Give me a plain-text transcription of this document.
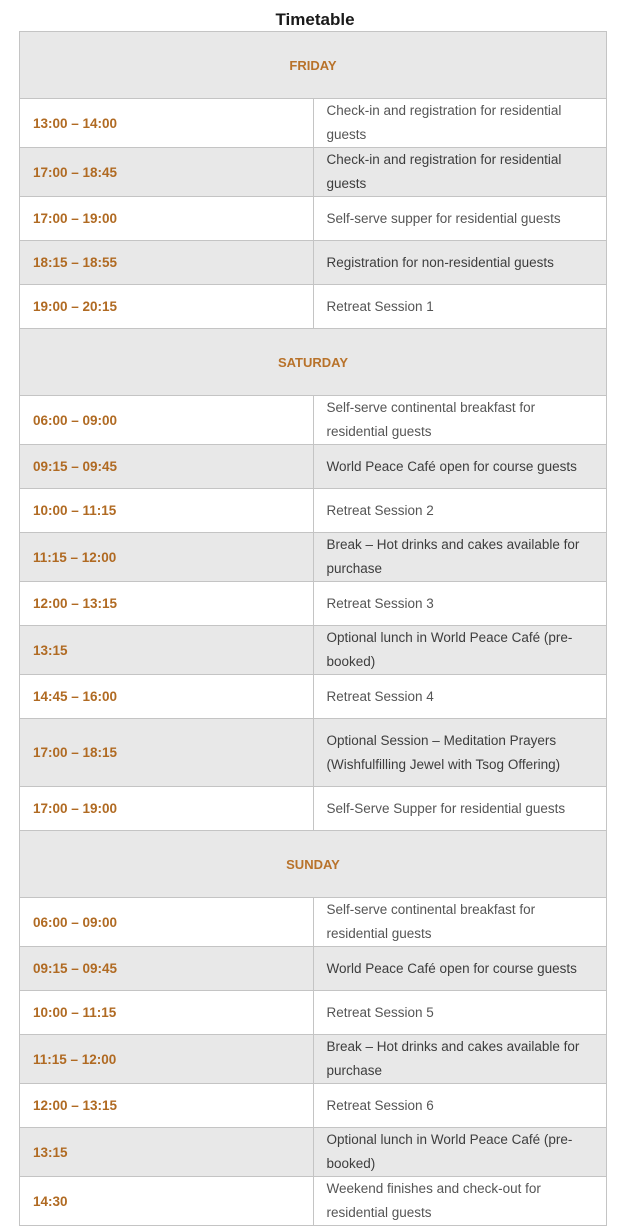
Timetable
FRIDAY	
13:00 – 14:00	Check-in and registration for residential guests
17:00 – 18:45	Check-in and registration for residential guests
17:00 – 19:00	Self-serve supper for residential guests
18:15 – 18:55	Registration for non-residential guests
19:00 – 20:15	Retreat Session 1
SATURDAY	
06:00 – 09:00	Self-serve continental breakfast for residential guests
09:15 – 09:45	World Peace Café open for course guests
10:00 – 11:15	Retreat Session 2
11:15 – 12:00	Break – Hot drinks and cakes available for purchase
12:00 – 13:15	Retreat Session 3
13:15	Optional lunch in World Peace Café (pre-booked)
14:45 – 16:00	Retreat Session 4
17:00 – 18:15	Optional Session – Meditation Prayers (Wishfulfilling Jewel with Tsog Offering)
17:00 – 19:00	Self-Serve Supper for residential guests
SUNDAY	
06:00 – 09:00	Self-serve continental breakfast for residential guests
09:15 – 09:45	World Peace Café open for course guests
10:00 – 11:15	Retreat Session 5
11:15 – 12:00	Break – Hot drinks and cakes available for purchase
12:00 – 13:15	Retreat Session 6
13:15	Optional lunch in World Peace Café (pre-booked)
14:30	Weekend finishes and check-out for residential guests
